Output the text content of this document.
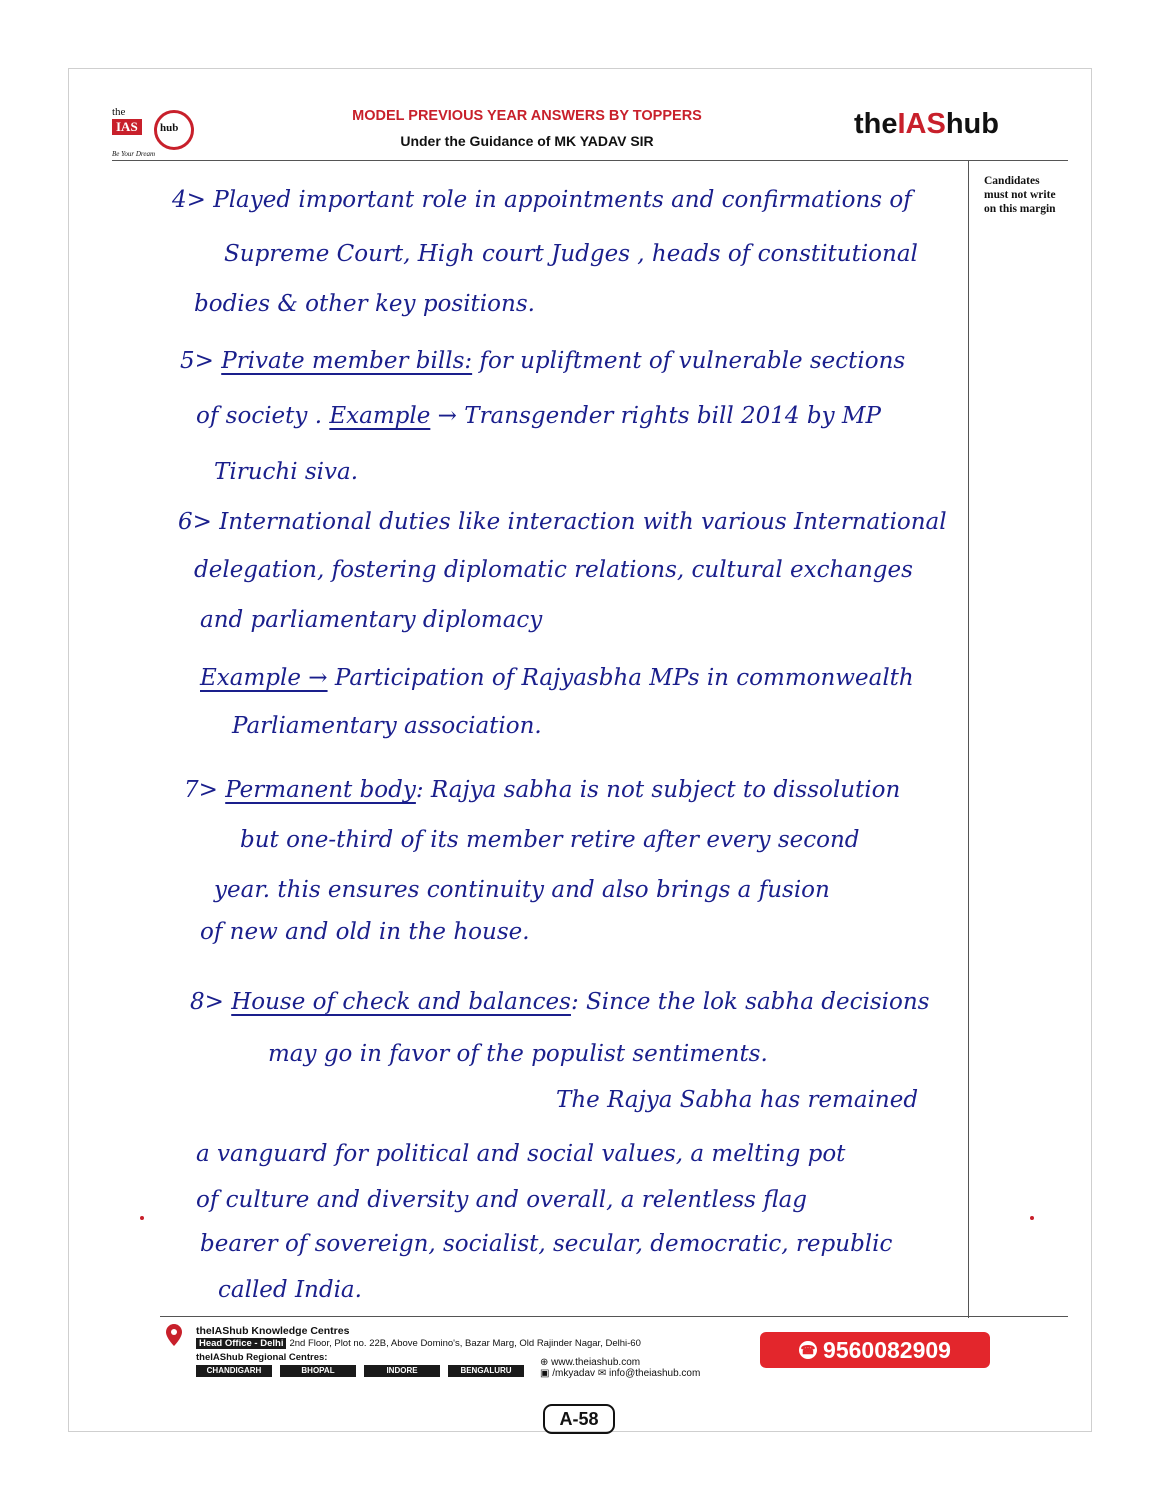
the
IAS	hub
Be Your Dream
MODEL PREVIOUS YEAR ANSWERS BY TOPPERS
Under the Guidance of MK YADAV SIR
theIAShub
Candidates must not write on this margin
4> Played important role in appointments and confirmations of
Supreme Court, High court Judges , heads of constitutional
bodies & other key positions.
5> Private member bills: for upliftment of vulnerable sections
of society . Example → Transgender rights bill 2014 by MP
Tiruchi siva.
6> International duties like interaction with various International
delegation, fostering diplomatic relations, cultural exchanges
and parliamentary diplomacy
Example → Participation of Rajyasbha MPs in commonwealth
Parliamentary association.
7> Permanent body: Rajya sabha is not subject to dissolution
but one-third of its member retire after every second
year. this ensures continuity and also brings a fusion
of new and old in the house.
8> House of check and balances: Since the lok sabha decisions
may go in favor of the populist sentiments.
The Rajya Sabha has remained
a vanguard for political and social values, a melting pot
of culture and diversity and overall, a relentless flag
bearer of sovereign, socialist, secular, democratic, republic
called India.
theIAShub Knowledge Centres
Head Office - Delhi 2nd Floor, Plot no. 22B, Above Domino's, Bazar Marg, Old Rajinder Nagar, Delhi-60
theIAShub Regional Centres:
CHANDIGARH	BHOPAL	INDORE	BENGALURU
⊕ www.theiashub.com
▣ /mkyadav ✉ info@theiashub.com
☎ 9560082909
A-58
